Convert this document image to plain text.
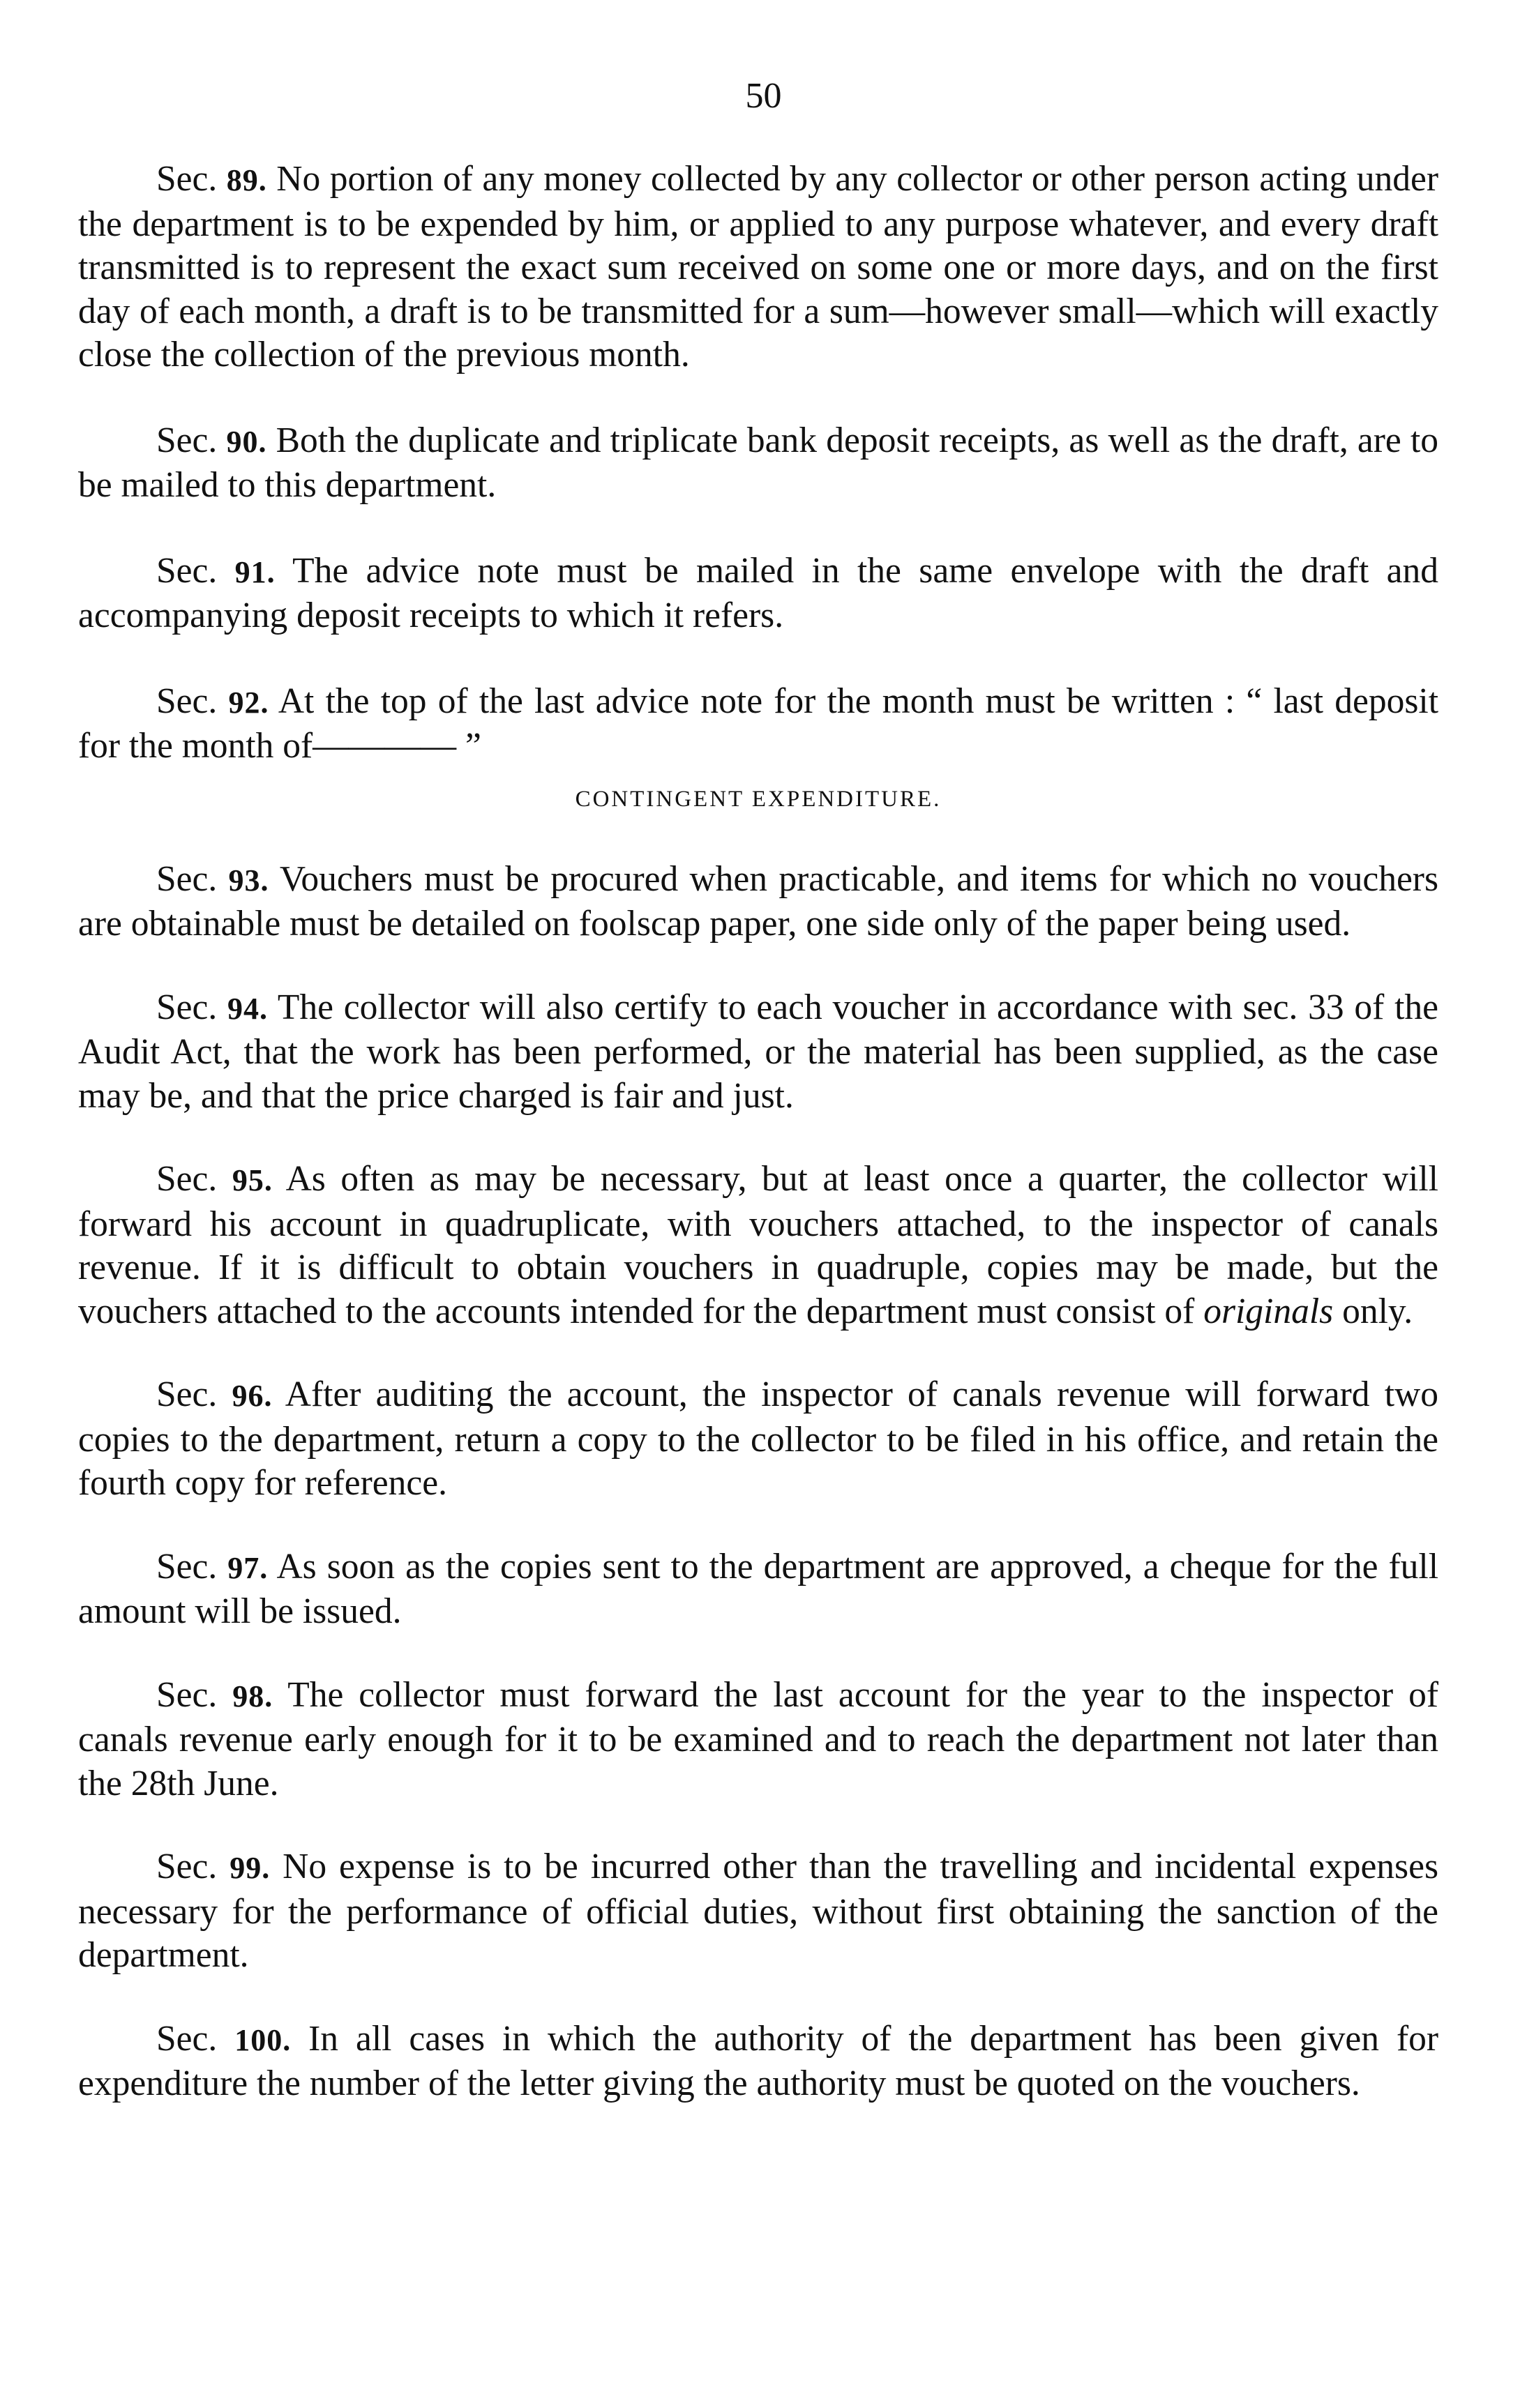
50

Sec. 89. No portion of any money collected by any collector or other person acting under the department is to be expended by him, or applied to any purpose whatever, and every draft transmitted is to represent the exact sum received on some one or more days, and on the first day of each month, a draft is to be transmitted for a sum—however small—which will exactly close the collection of the previous month.

Sec. 90. Both the duplicate and triplicate bank deposit receipts, as well as the draft, are to be mailed to this department.

Sec. 91. The advice note must be mailed in the same envelope with the draft and accompanying deposit receipts to which it refers.

Sec. 92. At the top of the last advice note for the month must be written : “ last deposit for the month of———— ”

CONTINGENT EXPENDITURE.

Sec. 93. Vouchers must be procured when practicable, and items for which no vouchers are obtainable must be detailed on foolscap paper, one side only of the paper being used.

Sec. 94. The collector will also certify to each voucher in accordance with sec. 33 of the Audit Act, that the work has been performed, or the material has been supplied, as the case may be, and that the price charged is fair and just.

Sec. 95. As often as may be necessary, but at least once a quarter, the collector will forward his account in quadruplicate, with vouchers attached, to the inspector of canals revenue. If it is difficult to obtain vouchers in quadruple, copies may be made, but the vouchers attached to the accounts intended for the department must consist of originals only.

Sec. 96. After auditing the account, the inspector of canals revenue will forward two copies to the department, return a copy to the collector to be filed in his office, and retain the fourth copy for reference.

Sec. 97. As soon as the copies sent to the department are approved, a cheque for the full amount will be issued.

Sec. 98. The collector must forward the last account for the year to the inspector of canals revenue early enough for it to be examined and to reach the department not later than the 28th June.

Sec. 99. No expense is to be incurred other than the travelling and incidental expenses necessary for the performance of official duties, without first obtaining the sanction of the department.

Sec. 100. In all cases in which the authority of the department has been given for expenditure the number of the letter giving the authority must be quoted on the vouchers.
